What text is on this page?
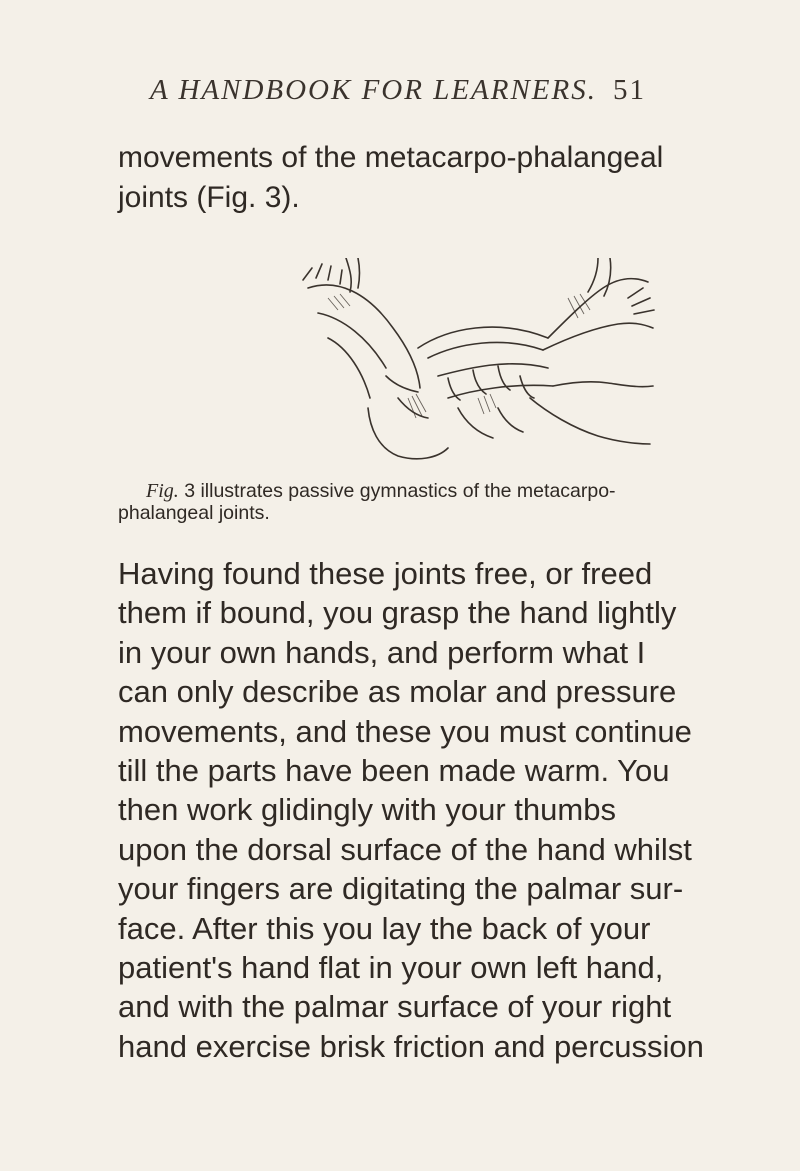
A HANDBOOK FOR LEARNERS. 51
movements of the metacarpo-phalangeal
joints (Fig. 3).
Fig. 3 illustrates passive gymnastics of the metacarpo-
phalangeal joints.
Having found these joints free, or freed
them if bound, you grasp the hand lightly
in your own hands, and perform what I
can only describe as molar and pressure
movements, and these you must continue
till the parts have been made warm. You
then work glidingly with your thumbs
upon the dorsal surface of the hand whilst
your fingers are digitating the palmar sur-
face. After this you lay the back of your
patient's hand flat in your own left hand,
and with the palmar surface of your right
hand exercise brisk friction and percussion
